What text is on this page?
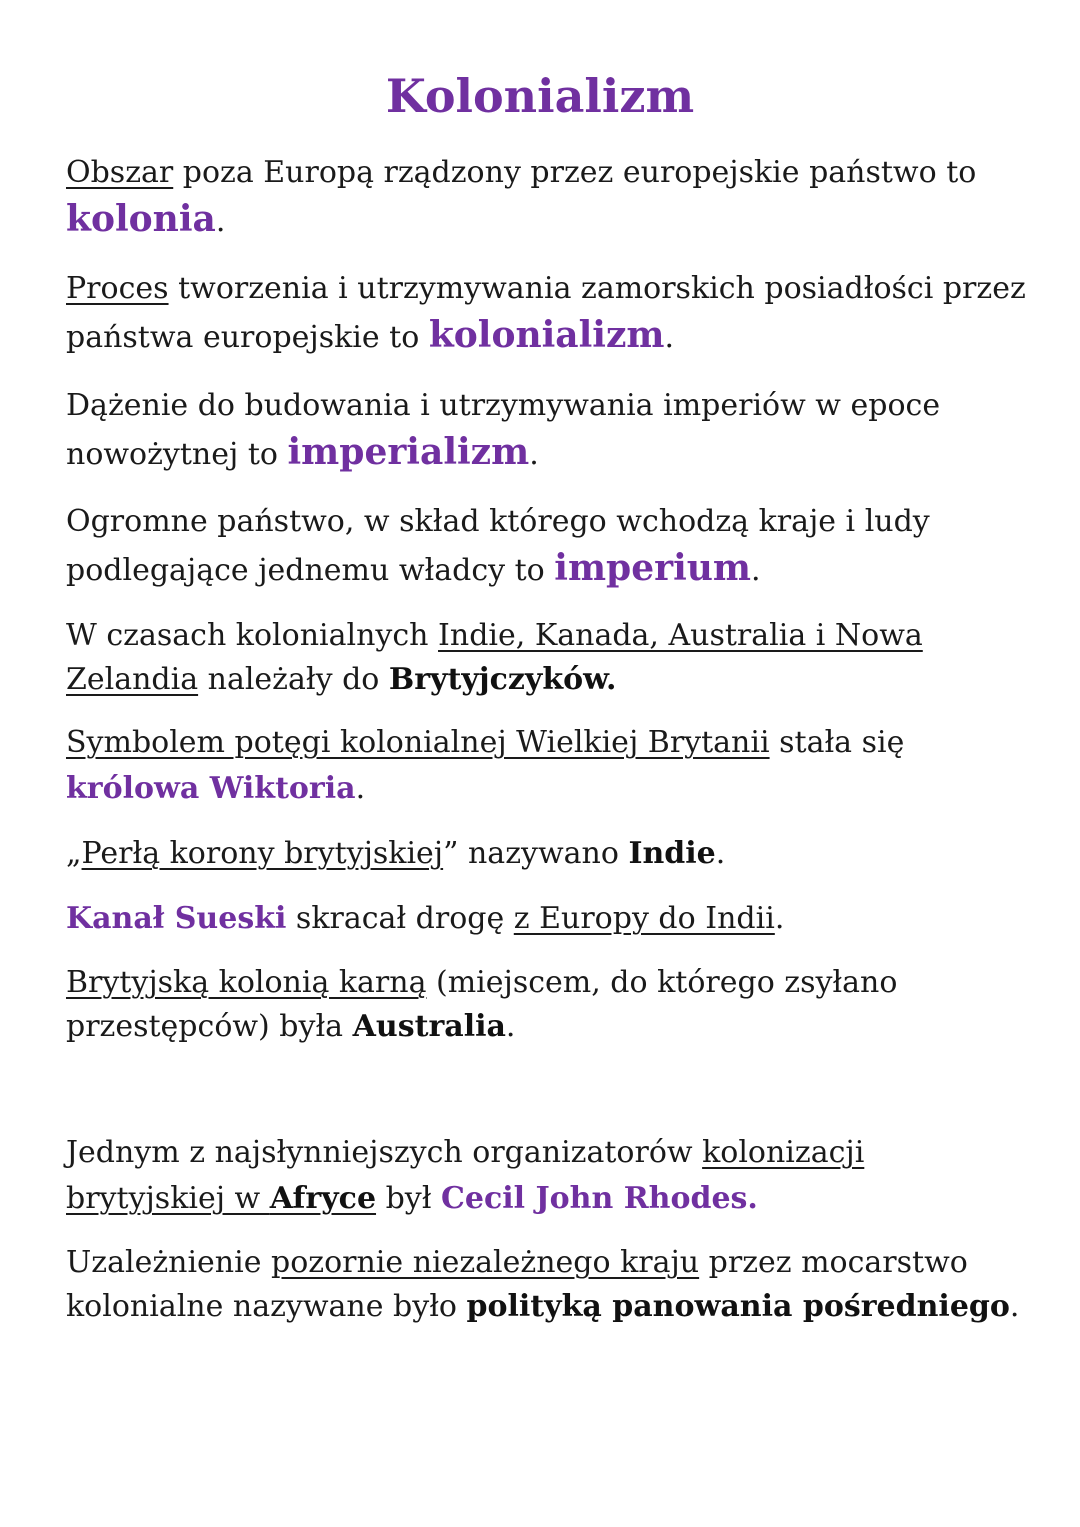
Kolonializm

Obszar poza Europą rządzony przez europejskie państwo to kolonia.

Proces tworzenia i utrzymywania zamorskich posiadłości przez państwa europejskie to kolonializm.

Dążenie do budowania i utrzymywania imperiów w epoce nowożytnej to imperializm.

Ogromne państwo, w skład którego wchodzą kraje i ludy podlegające jednemu władcy to imperium.

W czasach kolonialnych Indie, Kanada, Australia i Nowa Zelandia należały do Brytyjczyków.

Symbolem potęgi kolonialnej Wielkiej Brytanii stała się królowa Wiktoria.

„Perłą korony brytyjskiej” nazywano Indie.

Kanał Sueski skracał drogę z Europy do Indii.

Brytyjską kolonią karną (miejscem, do którego zsyłano przestępców) była Australia.

Jednym z najsłynniejszych organizatorów kolonizacji brytyjskiej w Afryce był Cecil John Rhodes.

Uzależnienie pozornie niezależnego kraju przez mocarstwo kolonialne nazywane było polityką panowania pośredniego.
